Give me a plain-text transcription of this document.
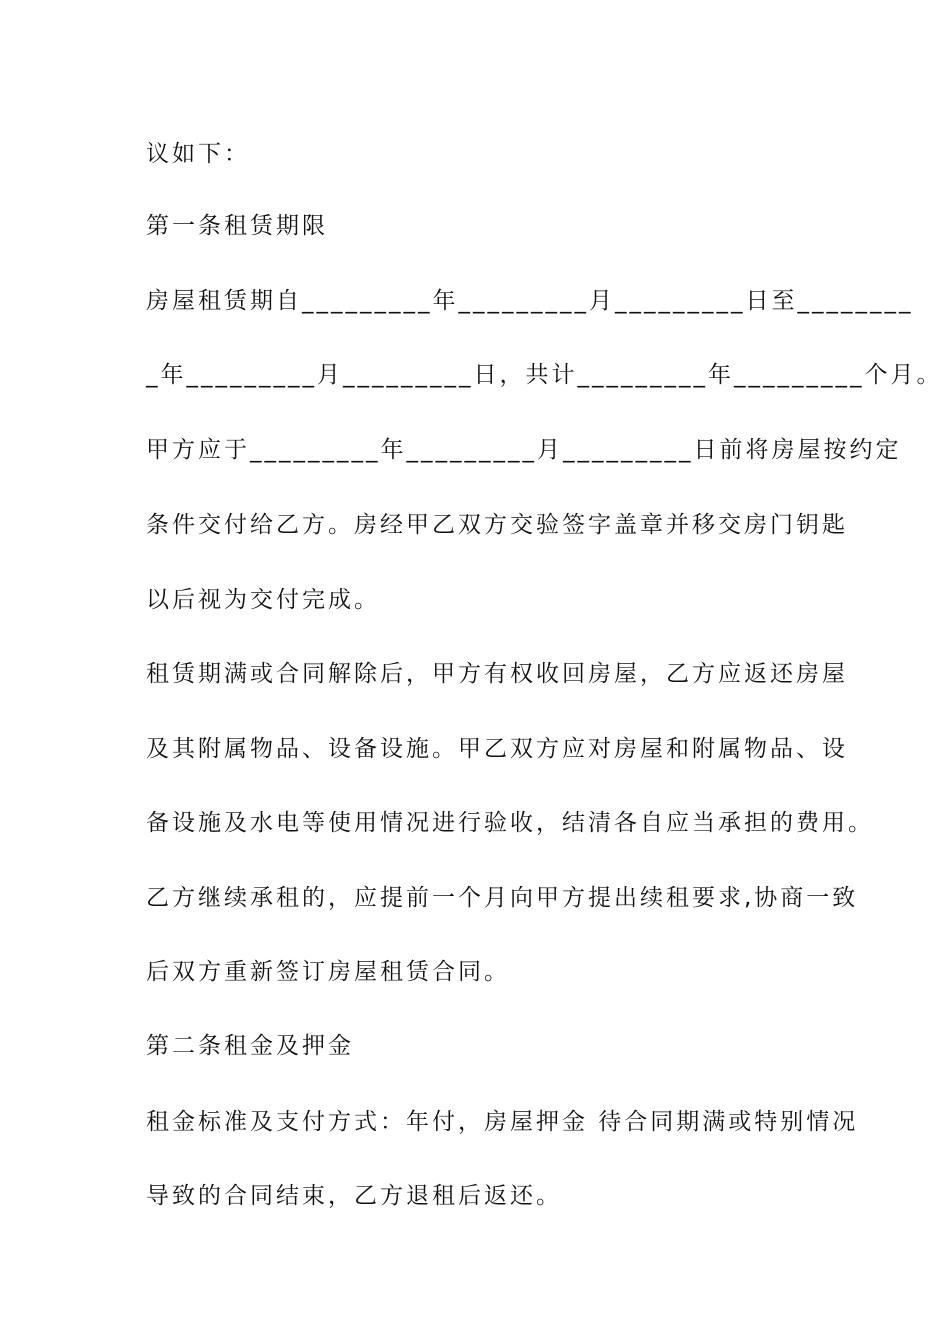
议如下：
第一条租赁期限
房屋租赁期自_________年_________月_________日至________
_年_________月_________日，共计_________年_________个月。
甲方应于_________年_________月_________日前将房屋按约定
条件交付给乙方。房经甲乙双方交验签字盖章并移交房门钥匙
以后视为交付完成。
租赁期满或合同解除后，甲方有权收回房屋，乙方应返还房屋
及其附属物品、设备设施。甲乙双方应对房屋和附属物品、设
备设施及水电等使用情况进行验收，结清各自应当承担的费用。
乙方继续承租的，应提前一个月向甲方提出续租要求,协商一致
后双方重新签订房屋租赁合同。
第二条租金及押金
租金标准及支付方式：年付，房屋押金 待合同期满或特别情况
导致的合同结束，乙方退租后返还。
